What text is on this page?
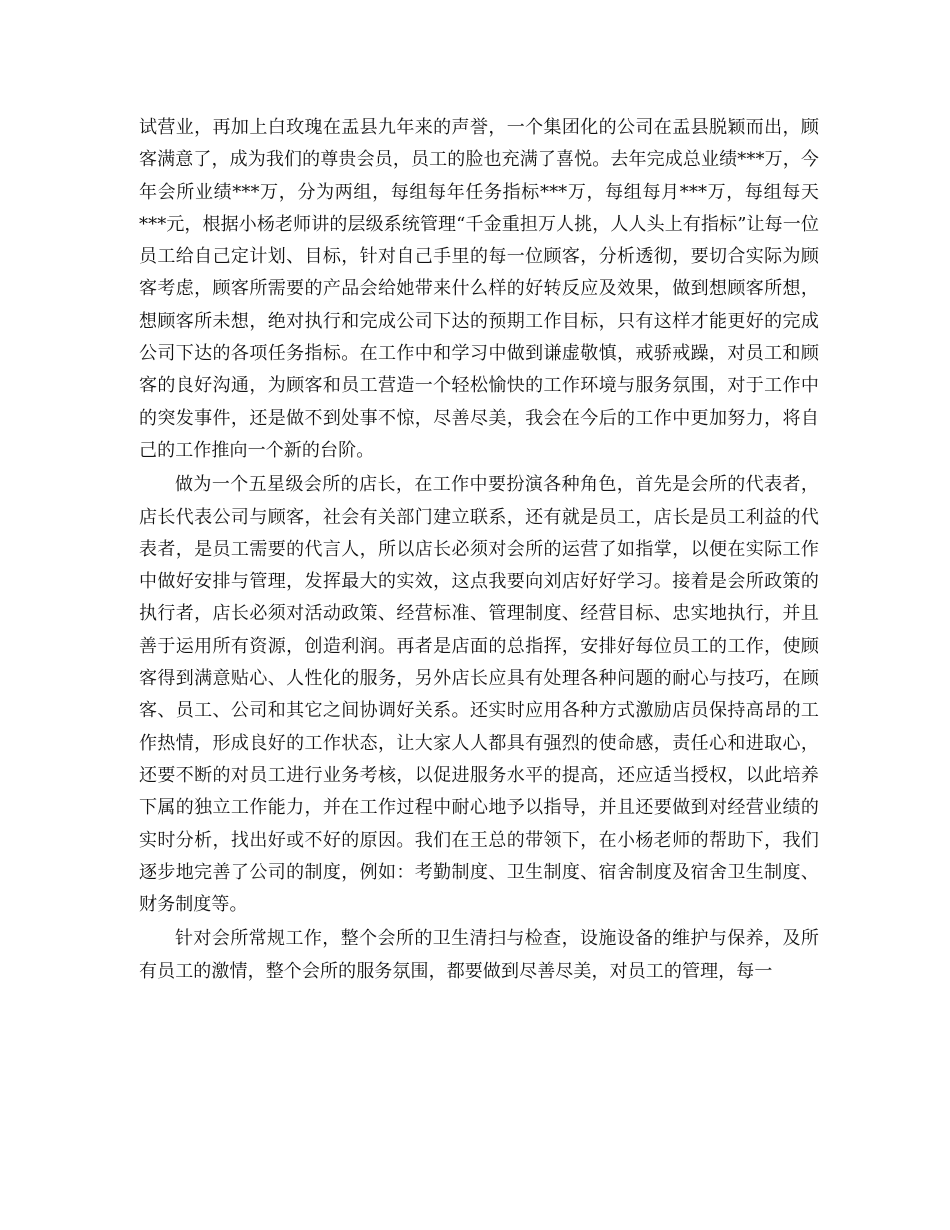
试营业，再加上白玫瑰在盂县九年来的声誉，一个集团化的公司在盂县脱颖而出，顾客满意了，成为我们的尊贵会员，员工的脸也充满了喜悦。去年完成总业绩***万，今年会所业绩***万，分为两组，每组每年任务指标***万，每组每月***万，每组每天***元，根据小杨老师讲的层级系统管理“千金重担万人挑，人人头上有指标”让每一位员工给自己定计划、目标，针对自己手里的每一位顾客，分析透彻，要切合实际为顾客考虑，顾客所需要的产品会给她带来什么样的好转反应及效果，做到想顾客所想，想顾客所未想，绝对执行和完成公司下达的预期工作目标，只有这样才能更好的完成公司下达的各项任务指标。在工作中和学习中做到谦虚敬慎，戒骄戒躁，对员工和顾客的良好沟通，为顾客和员工营造一个轻松愉快的工作环境与服务氛围，对于工作中的突发事件，还是做不到处事不惊，尽善尽美，我会在今后的工作中更加努力，将自己的工作推向一个新的台阶。

做为一个五星级会所的店长，在工作中要扮演各种角色，首先是会所的代表者，店长代表公司与顾客，社会有关部门建立联系，还有就是员工，店长是员工利益的代表者，是员工需要的代言人，所以店长必须对会所的运营了如指掌，以便在实际工作中做好安排与管理，发挥最大的实效，这点我要向刘店好好学习。接着是会所政策的执行者，店长必须对活动政策、经营标准、管理制度、经营目标、忠实地执行，并且善于运用所有资源，创造利润。再者是店面的总指挥，安排好每位员工的工作，使顾客得到满意贴心、人性化的服务，另外店长应具有处理各种问题的耐心与技巧，在顾客、员工、公司和其它之间协调好关系。还实时应用各种方式激励店员保持高昂的工作热情，形成良好的工作状态，让大家人人都具有强烈的使命感，责任心和进取心，还要不断的对员工进行业务考核，以促进服务水平的提高，还应适当授权，以此培养下属的独立工作能力，并在工作过程中耐心地予以指导，并且还要做到对经营业绩的实时分析，找出好或不好的原因。我们在王总的带领下，在小杨老师的帮助下，我们逐步地完善了公司的制度，例如：考勤制度、卫生制度、宿舍制度及宿舍卫生制度、财务制度等。

针对会所常规工作，整个会所的卫生清扫与检查，设施设备的维护与保养，及所有员工的激情，整个会所的服务氛围，都要做到尽善尽美，对员工的管理，每一
